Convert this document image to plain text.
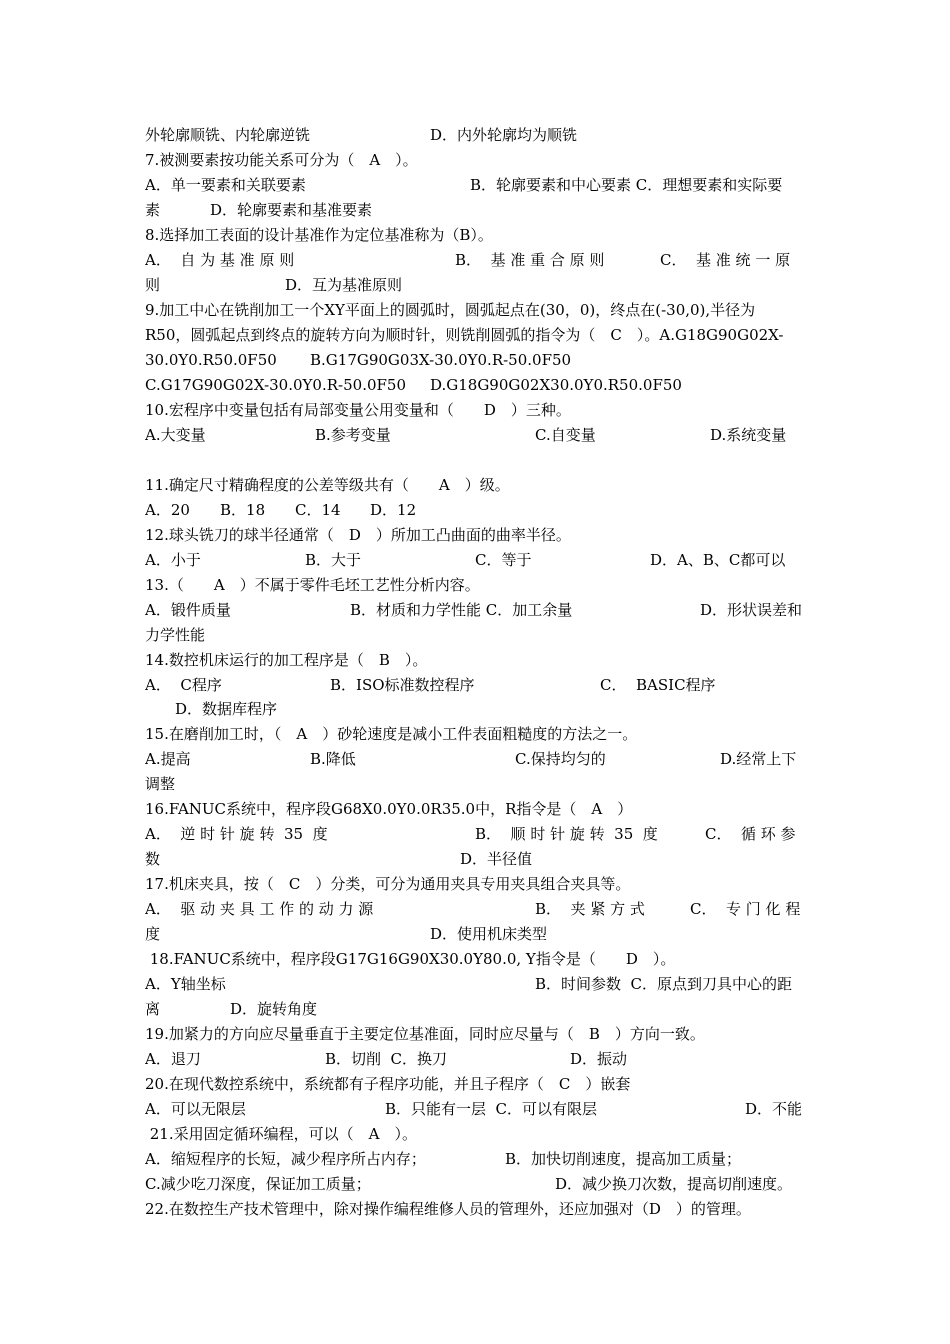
外轮廓顺铣、内轮廓逆铣	D．内外轮廓均为顺铣
7.被测要素按功能关系可分为（　A　）。
A．单一要素和关联要素	B．轮廓要素和中心要素 C．理想要素和实际要
素	D．轮廓要素和基准要素
8.选择加工表面的设计基准作为定位基准称为（B）。
A．  自 为 基 准 原 则	B．  基 准 重 合 原 则	C．  基 准 统 一 原
则	D．互为基准原则
9.加工中心在铣削加工一个XY平面上的圆弧时，圆弧起点在(30，0)，终点在(-30,0),半径为
R50，圆弧起点到终点的旋转方向为顺时针，则铣削圆弧的指令为（　C　）。A.G18G90G02X-
30.0Y0.R50.0F50 B.G17G90G03X-30.0Y0.R-50.0F50
C.G17G90G02X-30.0Y0.R-50.0F50 D.G18G90G02X30.0Y0.R50.0F50
10.宏程序中变量包括有局部变量公用变量和（　　D　）三种。
A.大变量	B.参考变量	C.自变量	D.系统变量
11.确定尺寸精确程度的公差等级共有（　　A　）级。
A．20 B．18 C．14 D．12
12.球头铣刀的球半径通常（　D　）所加工凸曲面的曲率半径。
A．小于	B．大于	C．等于	D．A、B、C都可以
13.（　　A　）不属于零件毛坯工艺性分析内容。
A．锻件质量	B．材质和力学性能 C．加工余量	D．形状误差和
力学性能
14.数控机床运行的加工程序是（　B　）。
A．  C程序	B．ISO标准数控程序	C．  BASIC程序
D．数据库程序
15.在磨削加工时，（　A　）砂轮速度是减小工件表面粗糙度的方法之一。
A.提高	B.降低	C.保持均匀的	D.经常上下
调整
16.FANUC系统中，程序段G68X0.0Y0.0R35.0中，R指令是（　A　）
A．  逆 时 针 旋 转  35  度	B．  顺 时 针 旋 转  35  度	C．  循 环 参
数	D．半径值
17.机床夹具，按（　C　）分类，可分为通用夹具专用夹具组合夹具等。
A．  驱 动 夹 具 工 作 的 动 力 源	B．  夹 紧 方 式	C．  专 门 化 程
度	D．使用机床类型
18.FANUC系统中，程序段G17G16G90X30.0Y80.0, Y指令是（　　D　）。
A．Y轴坐标	B．时间参数  C．原点到刀具中心的距
离	D．旋转角度
19.加紧力的方向应尽量垂直于主要定位基准面，同时应尽量与（　B　）方向一致。
A．退刀	B．切削  C．换刀	D．振动
20.在现代数控系统中，系统都有子程序功能，并且子程序（　C　）嵌套
A．可以无限层	B．只能有一层  C．可以有限层	D．不能
21.采用固定循环编程，可以（　A　）。
A．缩短程序的长短，减少程序所占内存；	B．加快切削速度，提高加工质量；
C.减少吃刀深度，保证加工质量；	D．减少换刀次数，提高切削速度。
22.在数控生产技术管理中，除对操作编程维修人员的管理外，还应加强对（D　）的管理。
